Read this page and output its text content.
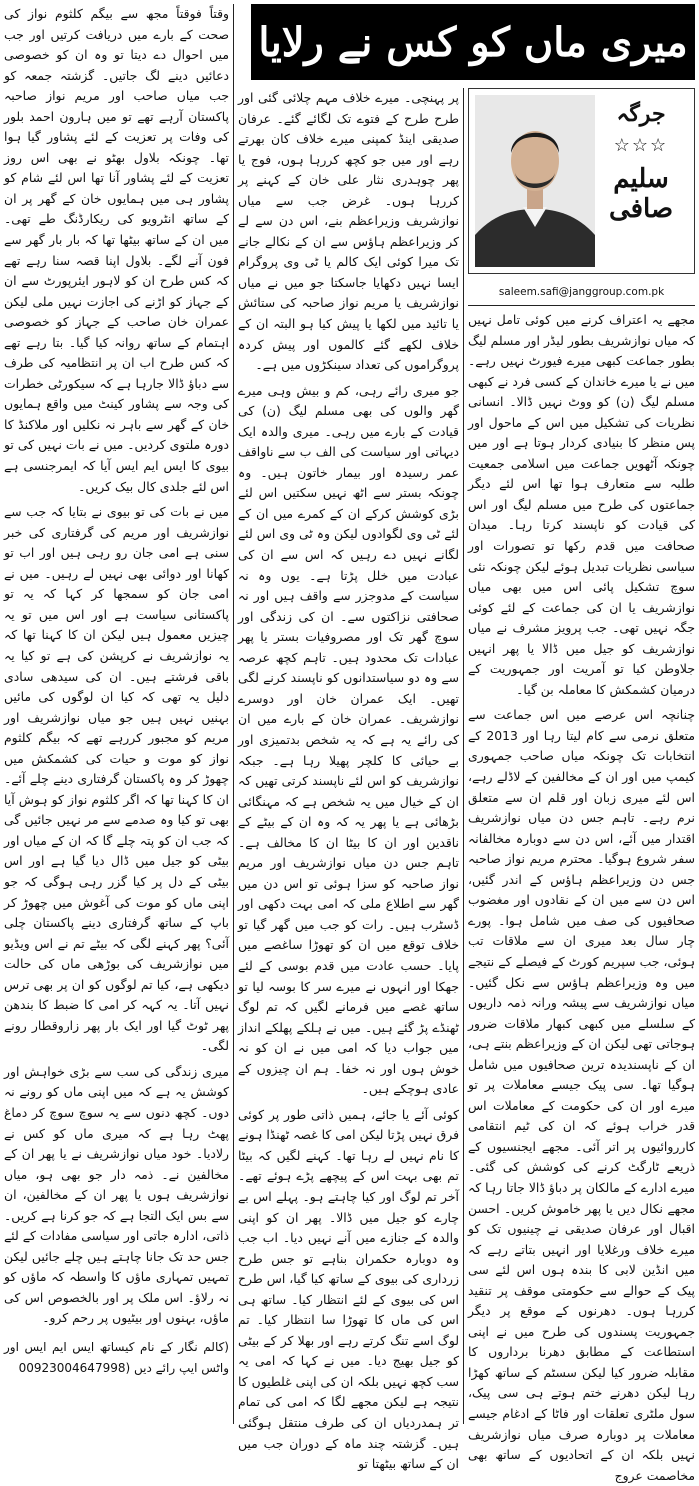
میری ماں کو کس نے رلایا
جرگہ
☆☆☆
سلیم صافی
saleem.safi@janggroup.com.pk

مجھے یہ اعتراف کرنے میں کوئی تامل نہیں کہ میاں نوازشریف بطور لیڈر اور مسلم لیگ بطور جماعت کبھی میرے فیورٹ نہیں رہے۔ میں نے یا میرے خاندان کے کسی فرد نے کبھی مسلم لیگ (ن) کو ووٹ نہیں ڈالا۔ انسانی نظریات کی تشکیل میں اس کے ماحول اور پس منظر کا بنیادی کردار ہوتا ہے اور میں چونکہ آٹھویں جماعت میں اسلامی جمعیت طلبہ سے متعارف ہوا تھا اس لئے دیگر جماعتوں کی طرح میں مسلم لیگ اور اس کی قیادت کو ناپسند کرتا رہا۔ میدان صحافت میں قدم رکھا تو تصورات اور سیاسی نظریات تبدیل ہوئے لیکن چونکہ نئی سوچ تشکیل پائی اس میں بھی میاں نوازشریف یا ان کی جماعت کے لئے کوئی جگہ نہیں تھی۔ جب پرویز مشرف نے میاں نوازشریف کو جیل میں ڈالا یا پھر انہیں جلاوطن کیا تو آمریت اور جمہوریت کے درمیان کشمکش کا معاملہ بن گیا۔

چنانچہ اس عرصے میں اس جماعت سے متعلق نرمی سے کام لیتا رہا اور 2013 کے انتخابات تک چونکہ میاں صاحب جمہوری کیمپ میں اور ان کے مخالفین کے لاڈلے رہے، اس لئے میری زبان اور قلم ان سے متعلق نرم رہے۔ تاہم جس دن میاں نوازشریف اقتدار میں آئے، اس دن سے دوبارہ مخالفانہ سفر شروع ہوگیا۔ محترم مریم نواز صاحبہ جس دن وزیراعظم ہاؤس کے اندر گئیں، اس دن سے میں ان کے نقادوں اور مغضوب صحافیوں کی صف میں شامل ہوا۔ پورے چار سال بعد میری ان سے ملاقات تب ہوئی، جب سپریم کورٹ کے فیصلے کے نتیجے میں وہ وزیراعظم ہاؤس سے نکل گئیں۔ میاں نوازشریف سے پیشہ ورانہ ذمہ داریوں کے سلسلے میں کبھی کبھار ملاقات ضرور ہوجاتی تھی لیکن ان کے وزیراعظم بنتے ہی، ان کے ناپسندیدہ ترین صحافیوں میں شامل ہوگیا تھا۔ سی پیک جیسے معاملات پر تو میرے اور ان کی حکومت کے معاملات اس قدر خراب ہوئے کہ ان کی ٹیم انتقامی کارروائیوں پر اتر آئی۔ مجھے ایجنسیوں کے ذریعے ٹارگٹ کرنے کی کوشش کی گئی۔ میرے ادارے کے مالکان پر دباؤ ڈالا جاتا رہا کہ مجھے نکال دیں یا پھر خاموش کریں۔ احسن اقبال اور عرفان صدیقی نے چینیوں تک کو میرے خلاف ورغلایا اور انہیں بتاتے رہے کہ میں انڈین لابی کا بندہ ہوں اس لئے سی پیک کے حوالے سے حکومتی موقف پر تنقید کررہا ہوں۔ دھرنوں کے موقع پر دیگر جمہوریت پسندوں کی طرح میں نے اپنی استطاعت کے مطابق دھرنا برداروں کا مقابلہ ضرور کیا لیکن سسٹم کے ساتھ کھڑا رہا لیکن دھرنے ختم ہوتے ہی سی پیک، سول ملٹری تعلقات اور فاٹا کے ادغام جیسے معاملات پر دوبارہ صرف میاں نوازشریف نہیں بلکہ ان کے اتحادیوں کے ساتھ بھی مخاصمت عروج

پر پہنچی۔ میرے خلاف مہم چلائی گئی اور طرح طرح کے فتوے تک لگائے گئے۔ عرفان صدیقی اینڈ کمپنی میرے خلاف کان بھرتے رہے اور میں جو کچھ کررہا ہوں، فوج یا پھر چوہدری نثار علی خان کے کہنے پر کررہا ہوں۔ غرض جب سے میاں نوازشریف وزیراعظم بنے، اس دن سے لے کر وزیراعظم ہاؤس سے ان کے نکالے جانے تک میرا کوئی ایک کالم یا ٹی وی پروگرام ایسا نہیں دکھایا جاسکتا جو میں نے میاں نوازشریف یا مریم نواز صاحبہ کی ستائش یا تائید میں لکھا یا پیش کیا ہو البتہ ان کے خلاف لکھے گئے کالموں اور پیش کردہ پروگراموں کی تعداد سینکڑوں میں ہے۔

جو میری رائے رہی، کم و بیش وہی میرے گھر والوں کی بھی مسلم لیگ (ن) کی قیادت کے بارے میں رہی۔ میری والدہ ایک دیہاتی اور سیاست کی الف ب سے ناواقف عمر رسیدہ اور بیمار خاتون ہیں۔ وہ چونکہ بستر سے اٹھ نہیں سکتیں اس لئے بڑی کوشش کرکے ان کے کمرے میں ان کے لئے ٹی وی لگوادوں لیکن وہ ٹی وی اس لئے لگانے نہیں دے رہیں کہ اس سے ان کی عبادت میں خلل پڑتا ہے۔ یوں وہ نہ سیاست کے مدوجزر سے واقف ہیں اور نہ صحافتی نزاکتوں سے۔ ان کی زندگی اور سوچ گھر تک اور مصروفیات بستر یا پھر عبادات تک محدود ہیں۔ تاہم کچھ عرصہ سے وہ دو سیاستدانوں کو ناپسند کرنے لگی تھیں۔ ایک عمران خان اور دوسرے نوازشریف۔ عمران خان کے بارے میں ان کی رائے یہ ہے کہ یہ شخص بدتمیزی اور بے حیائی کا کلچر پھیلا رہا ہے۔ جبکہ نوازشریف کو اس لئے ناپسند کرتی تھیں کہ ان کے خیال میں یہ شخص ہے کہ مہنگائی بڑھائی ہے یا پھر یہ کہ وہ ان کے بیٹے کے ناقدین اور ان کا بیٹا ان کا مخالف ہے۔ تاہم جس دن میاں نوازشریف اور مریم نواز صاحبہ کو سزا ہوئی تو اس دن میں گھر سے اطلاع ملی کہ امی بہت دکھی اور ڈسٹرب ہیں۔ رات کو جب میں گھر گیا تو خلاف توقع میں ان کو تھوڑا ساغصے میں پایا۔ حسب عادت میں قدم بوسی کے لئے جھکا اور انہوں نے میرے سر کا بوسہ لیا تو ساتھ غصے میں فرمانے لگیں کہ تم لوگ ٹھنڈے پڑ گئے ہیں۔ میں نے ہلکے پھلکے انداز میں جواب دیا کہ امی میں نے ان کو نہ خوش ہوں اور نہ خفا۔ ہم ان چیزوں کے عادی ہوچکے ہیں۔

کوئی آئے یا جائے، ہمیں ذاتی طور پر کوئی فرق نہیں پڑتا لیکن امی کا غصہ ٹھنڈا ہونے کا نام نہیں لے رہا تھا۔ کہنے لگیں کہ بیٹا تم بھی بہت اس کے پیچھے پڑے ہوئے تھے۔ آخر تم لوگ اور کیا چاہتے ہو۔ پہلے اس بے چارے کو جیل میں ڈالا۔ پھر ان کو اپنی والدہ کے جنازے میں آنے نہیں دیا۔ اب جب وہ دوبارہ حکمران بناہے تو جس طرح زرداری کی بیوی کے ساتھ کیا گیا، اس طرح اس کی بیوی کے لئے انتظار کیا۔ ساتھ ہی اس کی ماں کا تھوڑا سا انتظار کیا۔ تم لوگ اسے تنگ کرتے رہے اور بھلا کر کے بیٹی کو جیل بھیج دیا۔ میں نے کہا کہ امی یہ سب کچھ نہیں بلکہ ان کی اپنی غلطیوں کا نتیجہ ہے لیکن مجھے لگا کہ امی کی تمام تر ہمدردیاں ان کی طرف منتقل ہوگئی ہیں۔ گزشتہ چند ماہ کے دوران جب میں ان کے ساتھ بیٹھتا تو

وقتاً فوقتاً مجھ سے بیگم کلثوم نواز کی صحت کے بارے میں دریافت کرتیں اور جب میں احوال دے دیتا تو وہ ان کو خصوصی دعائیں دینے لگ جاتیں۔ گزشتہ جمعہ کو جب میاں صاحب اور مریم نواز صاحبہ پاکستان آرہے تھے تو میں ہارون احمد بلور کی وفات پر تعزیت کے لئے پشاور گیا ہوا تھا۔ چونکہ بلاول بھٹو نے بھی اس روز تعزیت کے لئے پشاور آنا تھا اس لئے شام کو پشاور ہی میں ہمایوں خان کے گھر پر ان کے ساتھ انٹرویو کی ریکارڈنگ طے تھی۔ میں ان کے ساتھ بیٹھا تھا کہ بار بار گھر سے فون آنے لگے۔ بلاول اپنا قصہ سنا رہے تھے کہ کس طرح ان کو لاہور ایئرپورٹ سے ان کے جہاز کو اڑنے کی اجازت نہیں ملی لیکن عمران خان صاحب کے جہاز کو خصوصی اہتمام کے ساتھ روانہ کیا گیا۔ بتا رہے تھے کہ کس طرح اب ان پر انتظامیہ کی طرف سے دباؤ ڈالا جارہا ہے کہ سیکورٹی خطرات کی وجہ سے پشاور کینٹ میں واقع ہمایوں خان کے گھر سے باہر نہ نکلیں اور ملاکنڈ کا دورہ ملتوی کردیں۔ میں نے بات نہیں کی تو بیوی کا ایس ایم ایس آیا کہ ایمرجنسی ہے اس لئے جلدی کال بیک کریں۔

میں نے بات کی تو بیوی نے بتایا کہ جب سے نوازشریف اور مریم کی گرفتاری کی خبر سنی ہے امی جان رو رہی ہیں اور اب تو کھانا اور دوائی بھی نہیں لے رہیں۔ میں نے امی جان کو سمجھا کر کہا کہ یہ تو پاکستانی سیاست ہے اور اس میں تو یہ چیزیں معمول ہیں لیکن ان کا کہنا تھا کہ یہ نوازشریف نے کرپشن کی ہے تو کیا یہ باقی فرشتے ہیں۔ ان کی سیدھی سادی دلیل یہ تھی کہ کیا ان لوگوں کی مائیں بہنیں نہیں ہیں جو میاں نوازشریف اور مریم کو مجبور کررہے تھے کہ بیگم کلثوم نواز کو موت و حیات کی کشمکش میں چھوڑ کر وہ پاکستان گرفتاری دینے چلے آئے۔ ان کا کہنا تھا کہ اگر کلثوم نواز کو ہوش آیا بھی تو کیا وہ صدمے سے مر نہیں جائیں گی کہ جب ان کو پتہ چلے گا کہ ان کے میاں اور بیٹی کو جیل میں ڈال دیا گیا ہے اور اس بیٹی کے دل پر کیا گزر رہی ہوگی کہ جو اپنی ماں کو موت کی آغوش میں چھوڑ کر باپ کے ساتھ گرفتاری دینے پاکستان چلی آئی؟ پھر کہنے لگی کہ بیٹے تم نے اس ویڈیو میں نوازشریف کی بوڑھی ماں کی حالت دیکھی ہے، کیا تم لوگوں کو ان پر بھی ترس نہیں آتا۔ یہ کہہ کر امی کا ضبط کا بندھن پھر ٹوٹ گیا اور ایک بار پھر زاروقطار رونے لگی۔

میری زندگی کی سب سے بڑی خواہش اور کوشش یہ ہے کہ میں اپنی ماں کو رونے نہ دوں۔ کچھ دنوں سے یہ سوچ سوچ کر دماغ پھٹ رہا ہے کہ میری ماں کو کس نے رلادیا۔ خود میاں نوازشریف نے یا پھر ان کے مخالفین نے۔ ذمہ دار جو بھی ہو، میاں نوازشریف ہوں یا پھر ان کے مخالفین، ان سے بس ایک التجا ہے کہ جو کرنا ہے کریں۔ ذاتی، ادارہ جاتی اور سیاسی مفادات کے لئے جس حد تک جانا چاہتے ہیں چلے جائیں لیکن تمہیں تمہاری ماؤں کا واسطہ کہ ماؤں کو نہ رلاؤ۔ اس ملک پر اور بالخصوص اس کی ماؤں، بہنوں اور بیٹیوں پر رحم کرو۔

(کالم نگار کے نام کیساتھ ایس ایم ایس اور واٹس ایپ رائے دیں 00923004647998)
